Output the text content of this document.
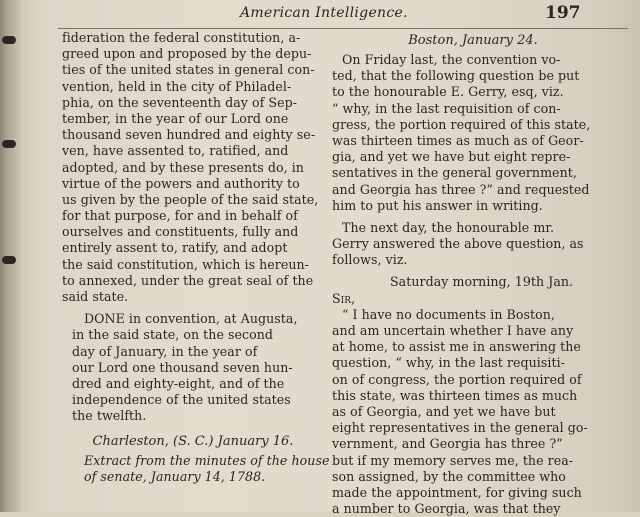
American Intelligence.	197
fideration the federal constitution, a-
greed upon and proposed by the depu-
ties of the united states in general con-
vention, held in the city of Philadel-
phia, on the seventeenth day of Sep-
tember, in the year of our Lord one
thousand seven hundred and eighty se-
ven, have assented to, ratified, and
adopted, and by these presents do, in
virtue of the powers and authority to
us given by the people of the said state,
for that purpose, for and in behalf of
ourselves and constituents, fully and
entirely assent to, ratify, and adopt
the said constitution, which is hereun-
to annexed, under the great seal of the
said state.
DONE in convention, at Augusta,
in the said state, on the second
day of January, in the year of
our Lord one thousand seven hun-
dred and eighty-eight, and of the
independence of the united states
the twelfth.
Charleston, (S. C.) January 16.
Extract from the minutes of the house
of senate, January 14, 1788.
Boston, January 24.
On Friday last, the convention vo-
ted, that the following question be put
to the honourable E. Gerry, esq, viz.
“ why, in the last requisition of con-
gress, the portion required of this state,
was thirteen times as much as of Geor-
gia, and yet we have but eight repre-
sentatives in the general government,
and Georgia has three ?” and requested
him to put his answer in writing.
The next day, the honourable mr.
Gerry answered the above question, as
follows, viz.
Saturday morning, 19th Jan.
Sir,
“ I have no documents in Boston,
and am uncertain whether I have any
at home, to assist me in answering the
question, “ why, in the last requisiti-
on of congress, the portion required of
this state, was thirteen times as much
as of Georgia, and yet we have but
eight representatives in the general go-
vernment, and Georgia has three ?”
but if my memory serves me, the rea-
son assigned, by the committee who
made the appointment, for giving such
a number to Georgia, was that they
